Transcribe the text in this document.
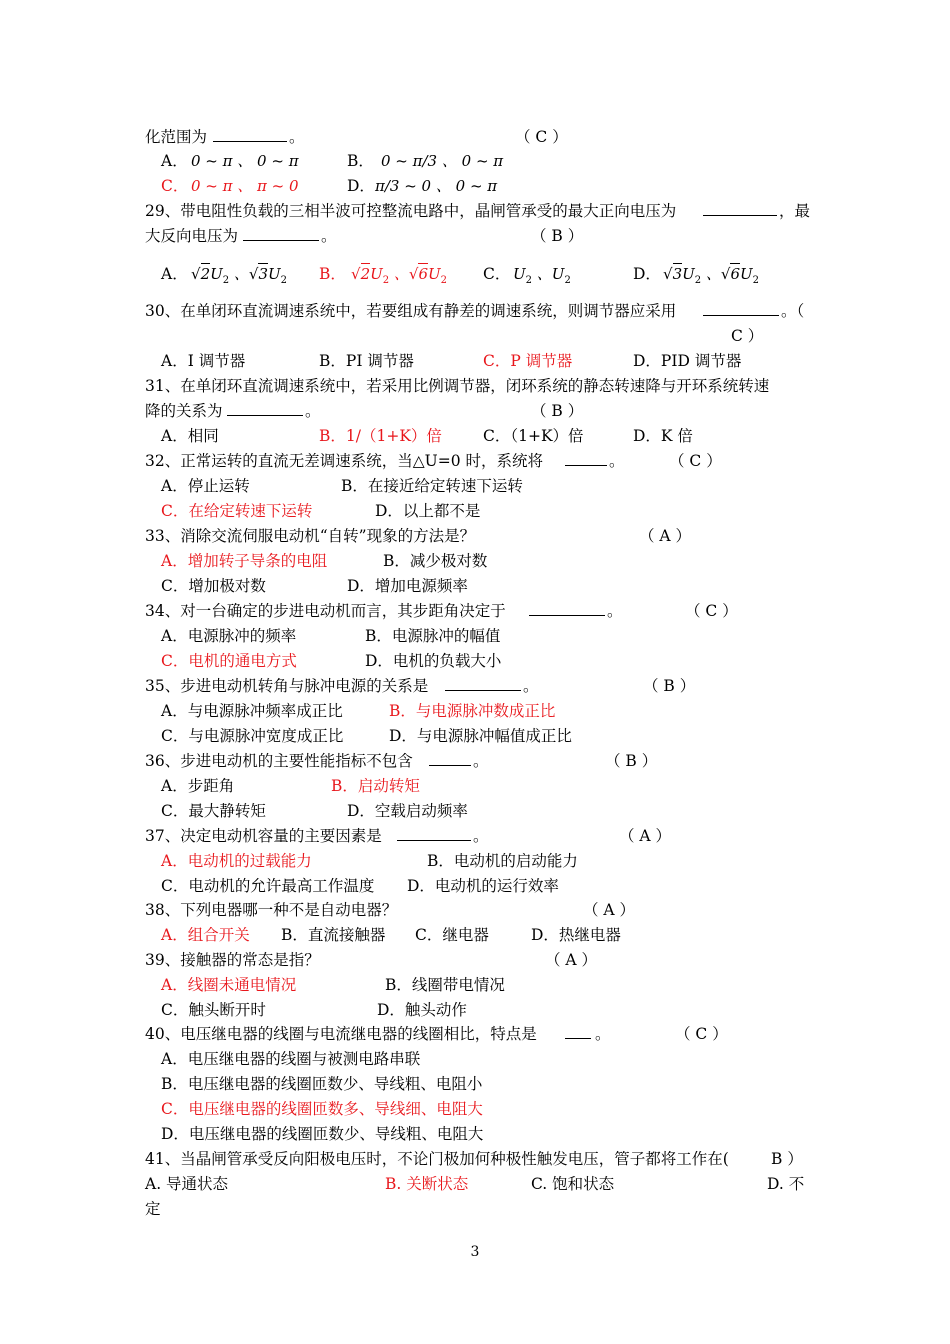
化范围为	。	（ C ）
A． 0 ~ π 、 0 ~ π	B． 0 ~ π/3 、 0 ~ π
C． 0 ~ π 、 π ~ 0	D． π/3 ~ 0 、 0 ~ π
29、带电阻性负载的三相半波可控整流电路中，晶闸管承受的最大正向电压为	，最
大反向电压为	。	（ B ）
A． $√2U_2$ 、$√3U_2$ B． $√2U_2$ 、$√6U_2$ C． $U_2$ 、$U_2$	D． $√3U_2$ 、$√6U_2$
30、在单闭环直流调速系统中，若要组成有静差的调速系统，则调节器应采用	。（
C ）
A．I 调节器	B．PI 调节器	C．P 调节器	D．PID 调节器
31、在单闭环直流调速系统中，若采用比例调节器，闭环系统的静态转速降与开环系统转速
降的关系为	。	（ B ）
A．相同	B．1/（1+K）倍	C．（1+K）倍	D．K 倍
32、正常运转的直流无差调速系统，当△U=0 时，系统将	。	（ C ）
A．停止运转	B．在接近给定转速下运转
C．在给定转速下运转	D．以上都不是
33、消除交流伺服电动机“自转”现象的方法是？	（ A ）
A．增加转子导条的电阻	B．减少极对数
C．增加极对数	D．增加电源频率
34、对一台确定的步进电动机而言，其步距角决定于	。	（ C ）
A．电源脉冲的频率	B．电源脉冲的幅值
C．电机的通电方式	D．电机的负载大小
35、步进电动机转角与脉冲电源的关系是	。	（ B ）
A．与电源脉冲频率成正比	B．与电源脉冲数成正比
C．与电源脉冲宽度成正比	D．与电源脉冲幅值成正比
36、步进电动机的主要性能指标不包含	。	（ B ）
A．步距角	B．启动转矩
C．最大静转矩	D．空载启动频率
37、决定电动机容量的主要因素是	。	（ A ）
A．电动机的过载能力	B．电动机的启动能力
C．电动机的允许最高工作温度 D．电动机的运行效率
38、下列电器哪一种不是自动电器？	（ A ）
A．组合开关 B．直流接触器 C．继电器	D．热继电器
39、接触器的常态是指？	（ A ）
A．线圈未通电情况	B．线圈带电情况
C．触头断开时	D．触头动作
40、电压继电器的线圈与电流继电器的线圈相比，特点是	。	（ C ）
A．电压继电器的线圈与被测电路串联
B．电压继电器的线圈匝数少、导线粗、电阻小
C．电压继电器的线圈匝数多、导线细、电阻大
D．电压继电器的线圈匝数少、导线粗、电阻大
41、当晶闸管承受反向阳极电压时，不论门极加何种极性触发电压，管子都将工作在(	B ）
A. 导通状态	B. 关断状态	C. 饱和状态	D. 不
定
3
